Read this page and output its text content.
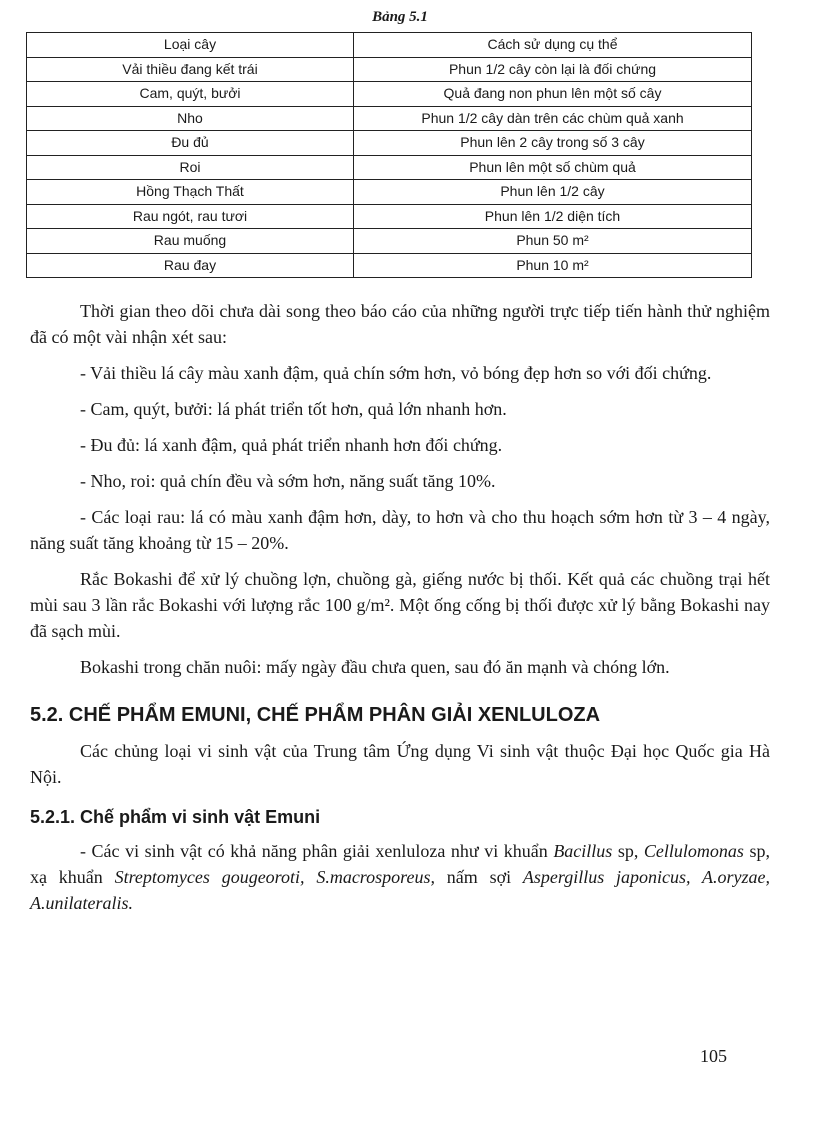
Bảng 5.1
Loại cây	Cách sử dụng cụ thể
Vải thiều đang kết trái	Phun 1/2 cây còn lại là đối chứng
Cam, quýt, bưởi	Quả đang non phun lên một số cây
Nho	Phun 1/2 cây dàn trên các chùm quả xanh
Đu đủ	Phun lên 2 cây trong số 3 cây
Roi	Phun lên một số chùm quả
Hồng Thạch Thất	Phun lên 1/2 cây
Rau ngót, rau tươi	Phun lên 1/2 diện tích
Rau muống	Phun 50 m²
Rau đay	Phun 10 m²

Thời gian theo dõi chưa dài song theo báo cáo của những người trực tiếp tiến hành thử nghiệm đã có một vài nhận xét sau:

- Vải thiều lá cây màu xanh đậm, quả chín sớm hơn, vỏ bóng đẹp hơn so với đối chứng.

- Cam, quýt, bưởi: lá phát triển tốt hơn, quả lớn nhanh hơn.

- Đu đủ: lá xanh đậm, quả phát triển nhanh hơn đối chứng.

- Nho, roi: quả chín đều và sớm hơn, năng suất tăng 10%.

- Các loại rau: lá có màu xanh đậm hơn, dày, to hơn và cho thu hoạch sớm hơn từ 3 – 4 ngày, năng suất tăng khoảng từ 15 – 20%.

Rắc Bokashi để xử lý chuồng lợn, chuồng gà, giếng nước bị thối. Kết quả các chuồng trại hết mùi sau 3 lần rắc Bokashi với lượng rắc 100 g/m². Một ống cống bị thối được xử lý bằng Bokashi nay đã sạch mùi.

Bokashi trong chăn nuôi: mấy ngày đầu chưa quen, sau đó ăn mạnh và chóng lớn.

5.2. CHẾ PHẨM EMUNI, CHẾ PHẨM PHÂN GIẢI XENLULOZA

Các chủng loại vi sinh vật của Trung tâm Ứng dụng Vi sinh vật thuộc Đại học Quốc gia Hà Nội.

5.2.1. Chế phẩm vi sinh vật Emuni

- Các vi sinh vật có khả năng phân giải xenluloza như vi khuẩn Bacillus sp, Cellulomonas sp, xạ khuẩn Streptomyces gougeoroti, S.macrosporeus, nấm sợi Aspergillus japonicus, A.oryzae, A.unilateralis.

105
